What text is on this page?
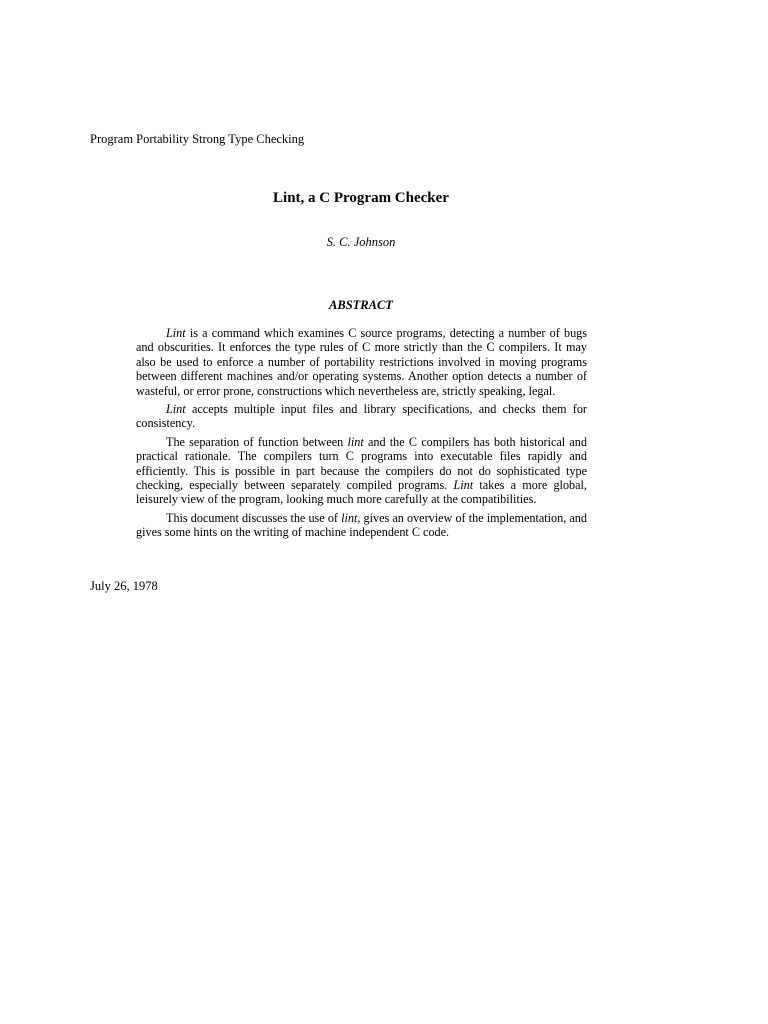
Program Portability Strong Type Checking

Lint, a C Program Checker

S. C. Johnson

ABSTRACT

Lint is a command which examines C source programs, detecting a number of bugs and obscurities. It enforces the type rules of C more strictly than the C compilers. It may also be used to enforce a number of portability restrictions involved in moving programs between different machines and/or operating systems. Another option detects a number of wasteful, or error prone, constructions which nevertheless are, strictly speaking, legal.

Lint accepts multiple input files and library specifications, and checks them for consistency.

The separation of function between lint and the C compilers has both historical and practical rationale. The compilers turn C programs into executable files rapidly and efficiently. This is possible in part because the compilers do not do sophisticated type checking, especially between separately compiled programs. Lint takes a more global, leisurely view of the program, looking much more carefully at the compatibilities.

This document discusses the use of lint, gives an overview of the implementation, and gives some hints on the writing of machine independent C code.

July 26, 1978
